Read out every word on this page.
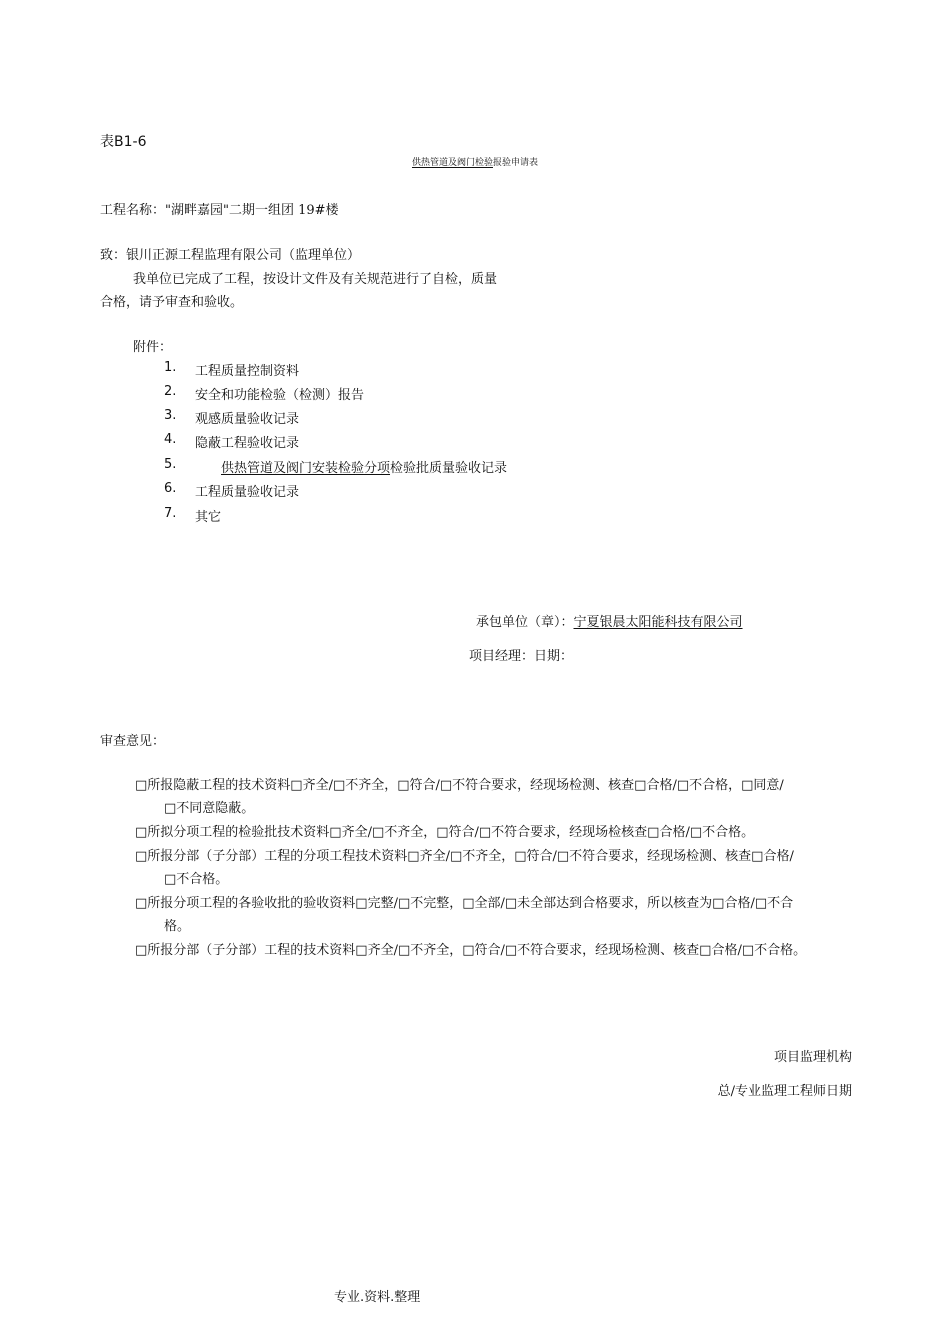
表B1-6
供热管道及阀门检验报验申请表
工程名称："湖畔嘉园"二期一组团 19#楼
致：银川正源工程监理有限公司（监理单位）
我单位已完成了工程，按设计文件及有关规范进行了自检，质量
合格，请予审查和验收。
附件：
1.	工程质量控制资料
2.	安全和功能检验（检测）报告
3.	观感质量验收记录
4.	隐蔽工程验收记录
5.	供热管道及阀门安装检验分项检验批质量验收记录
6.	工程质量验收记录
7.	其它
承包单位（章）：宁夏银晨太阳能科技有限公司
项目经理：日期：
审查意见：
□所报隐蔽工程的技术资料□齐全/□不齐全，□符合/□不符合要求，经现场检测、核查□合格/□不合格，□同意/
□不同意隐蔽。
□所拟分项工程的检验批技术资料□齐全/□不齐全，□符合/□不符合要求，经现场检核查□合格/□不合格。
□所报分部（子分部）工程的分项工程技术资料□齐全/□不齐全，□符合/□不符合要求，经现场检测、核查□合格/
□不合格。
□所报分项工程的各验收批的验收资料□完整/□不完整，□全部/□未全部达到合格要求，所以核查为□合格/□不合
格。
□所报分部（子分部）工程的技术资料□齐全/□不齐全，□符合/□不符合要求，经现场检测、核查□合格/□不合格。
项目监理机构
总/专业监理工程师日期
专业.资料.整理
